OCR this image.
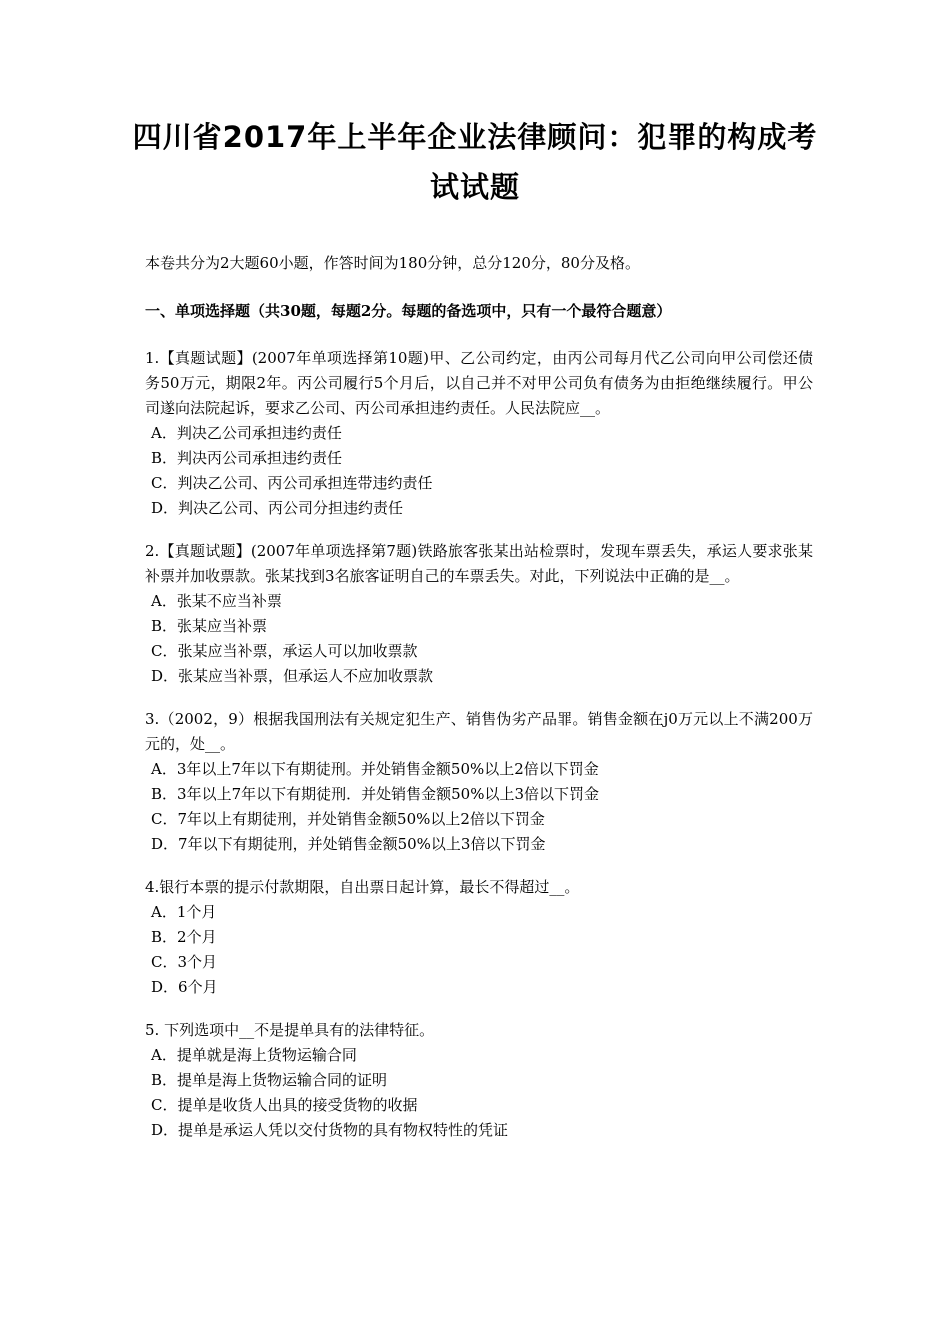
四川省2017年上半年企业法律顾问：犯罪的构成考试试题
本卷共分为2大题60小题，作答时间为180分钟，总分120分，80分及格。
一、单项选择题（共30题，每题2分。每题的备选项中，只有一个最符合题意）
1.【真题试题】(2007年单项选择第10题)甲、乙公司约定，由丙公司每月代乙公司向甲公司偿还债务50万元，期限2年。丙公司履行5个月后，以自己并不对甲公司负有债务为由拒绝继续履行。甲公司遂向法院起诉，要求乙公司、丙公司承担违约责任。人民法院应__。
A．判决乙公司承担违约责任
B．判决丙公司承担违约责任
C．判决乙公司、丙公司承担连带违约责任
D．判决乙公司、丙公司分担违约责任
2.【真题试题】(2007年单项选择第7题)铁路旅客张某出站检票时，发现车票丢失，承运人要求张某补票并加收票款。张某找到3名旅客证明自己的车票丢失。对此，下列说法中正确的是__。
A．张某不应当补票
B．张某应当补票
C．张某应当补票，承运人可以加收票款
D．张某应当补票，但承运人不应加收票款
3.（2002，9）根据我国刑法有关规定犯生产、销售伪劣产品罪。销售金额在j0万元以上不满200万元的，处__。
A．3年以上7年以下有期徒刑。并处销售金额50%以上2倍以下罚金
B．3年以上7年以下有期徒刑．并处销售金额50%以上3倍以下罚金
C．7年以上有期徒刑，并处销售金额50%以上2倍以下罚金
D．7年以下有期徒刑，并处销售金额50%以上3倍以下罚金
4.银行本票的提示付款期限，自出票日起计算，最长不得超过__。
A．1个月
B．2个月
C．3个月
D．6个月
5. 下列选项中__不是提单具有的法律特征。
A．提单就是海上货物运输合同
B．提单是海上货物运输合同的证明
C．提单是收货人出具的接受货物的收据
D．提单是承运人凭以交付货物的具有物权特性的凭证
